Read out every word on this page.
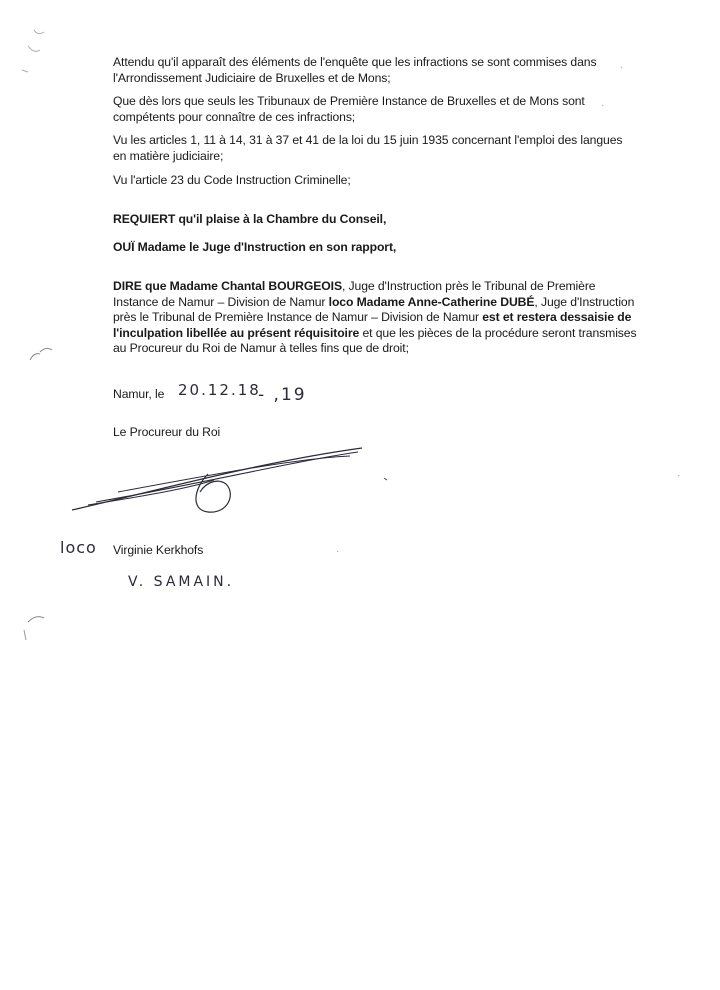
Attendu qu'il apparaît des éléments de l'enquête que les infractions se sont commises dans l'Arrondissement Judiciaire de Bruxelles et de Mons;

Que dès lors que seuls les Tribunaux de Première Instance de Bruxelles et de Mons sont compétents pour connaître de ces infractions;

Vu les articles 1, 11 à 14, 31 à 37 et 41 de la loi du 15 juin 1935 concernant l'emploi des langues en matière judiciaire;

Vu l'article 23 du Code Instruction Criminelle;

REQUIERT qu'il plaise à la Chambre du Conseil,

OUÏ Madame le Juge d'Instruction en son rapport,

DIRE que Madame Chantal BOURGEOIS, Juge d'Instruction près le Tribunal de Première Instance de Namur – Division de Namur loco Madame Anne-Catherine DUBÉ, Juge d'Instruction près le Tribunal de Première Instance de Namur – Division de Namur est et restera dessaisie de l'inculpation libellée au présent réquisitoire et que les pièces de la procédure seront transmises au Procureur du Roi de Namur à telles fins que de droit;

Namur, le 20.12.18
- ,19
Le Procureur du Roi
loco Virginie Kerkhofs
V. SAMAIN.
·
·
·
·
